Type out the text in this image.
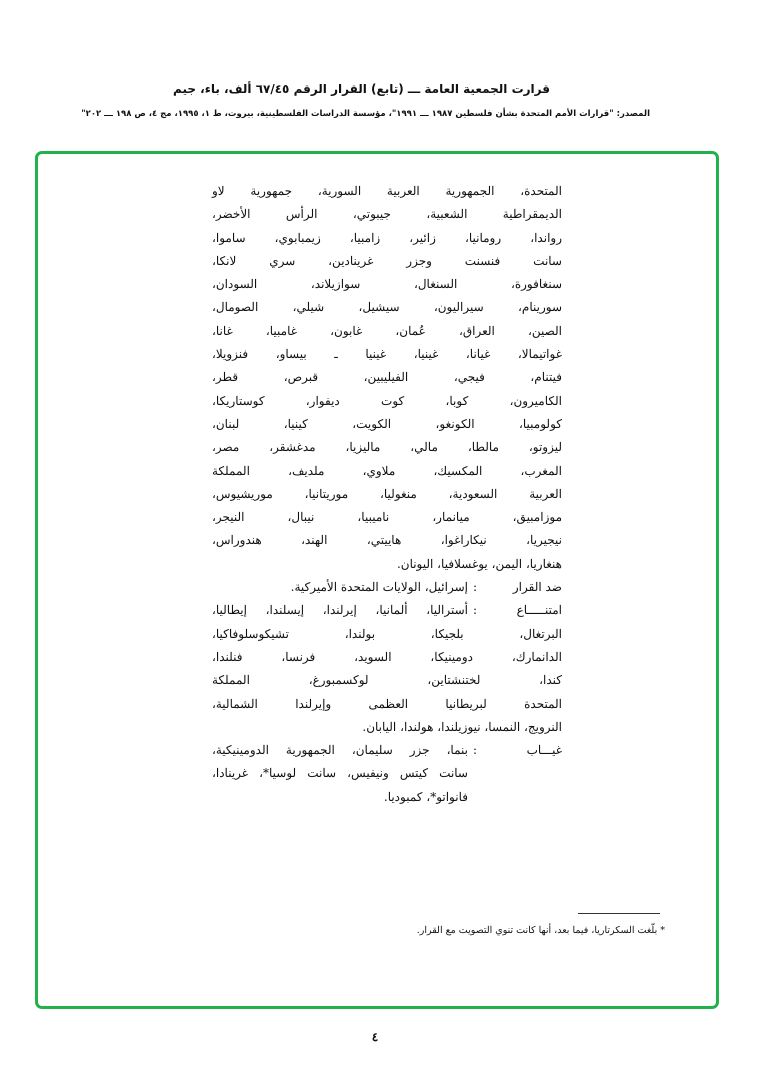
قرارت الجمعية العامة ـــ (تابع) القرار الرقم ٦٧/٤٥ ألف، باء، جيم
المصدر: "قرارات الأمم المتحدة بشأن فلسطين ١٩٨٧ ـــ ١٩٩١"، مؤسسة الدراسات الفلسطينية، بيروت، ط ١، ١٩٩٥، مج ٤، ص ١٩٨ ـــ ٢٠٢"
المتحدة، الجمهورية العربية السورية، جمهورية لاو
الديمقراطية الشعبية، جيبوتي، الرأس الأخضر،
رواندا، رومانيا، زائير، زامبيا، زيمبابوي، ساموا،
سانت فنسنت وجزر غرينادين، سري لانكا،
سنغافورة، السنغال، سوازيلاند، السودان،
سورينام، سيراليون، سيشيل، شيلي، الصومال،
الصين، العراق، عُمان، غابون، غامبيا، غانا،
غواتيمالا، غيانا، غينيا، غينيا ـ بيساو، فنزويلا،
فيتنام، فيجي، الفيليبين، قبرص، قطر،
الكاميرون، كوبا، كوت ديفوار، كوستاريكا،
كولومبيا، الكونغو، الكويت، كينيا، لبنان،
ليزوتو، مالطا، مالي، ماليزيا، مدغشقر، مصر،
المغرب، المكسيك، ملاوي، ملديف، المملكة
العربية السعودية، منغوليا، موريتانيا، موريشيوس،
موزامبيق، ميانمار، ناميبيا، نيبال، النيجر،
نيجيريا، نيكاراغوا، هاييتي، الهند، هندوراس،
هنغاريا، اليمن، يوغسلافيا، اليونان.
ضد القرار
:
إسرائيل، الولايات المتحدة الأميركية.
امتنـــــاع
:
أستراليا، ألمانيا، إيرلندا، إيسلندا، إيطاليا،
البرتغال، بلجيكا، بولندا، تشيكوسلوفاكيا،
الدانمارك، دومينيكا، السويد، فرنسا، فنلندا،
كندا، لختنشتاين، لوكسمبورغ، المملكة
المتحدة لبريطانيا العظمى وإيرلندا الشمالية،
النرويج، النمسا، نيوزيلندا، هولندا، اليابان.
غيـــاب
:
بنما، جزر سليمان، الجمهورية الدومينيكية،
سانت كيتس ونيفيس، سانت لوسيا*، غرينادا،
فانواتو*، كمبوديا.
* بلّغت السكرتاريا، فيما بعد، أنها كانت تنوي التصويت مع القرار.
٤
